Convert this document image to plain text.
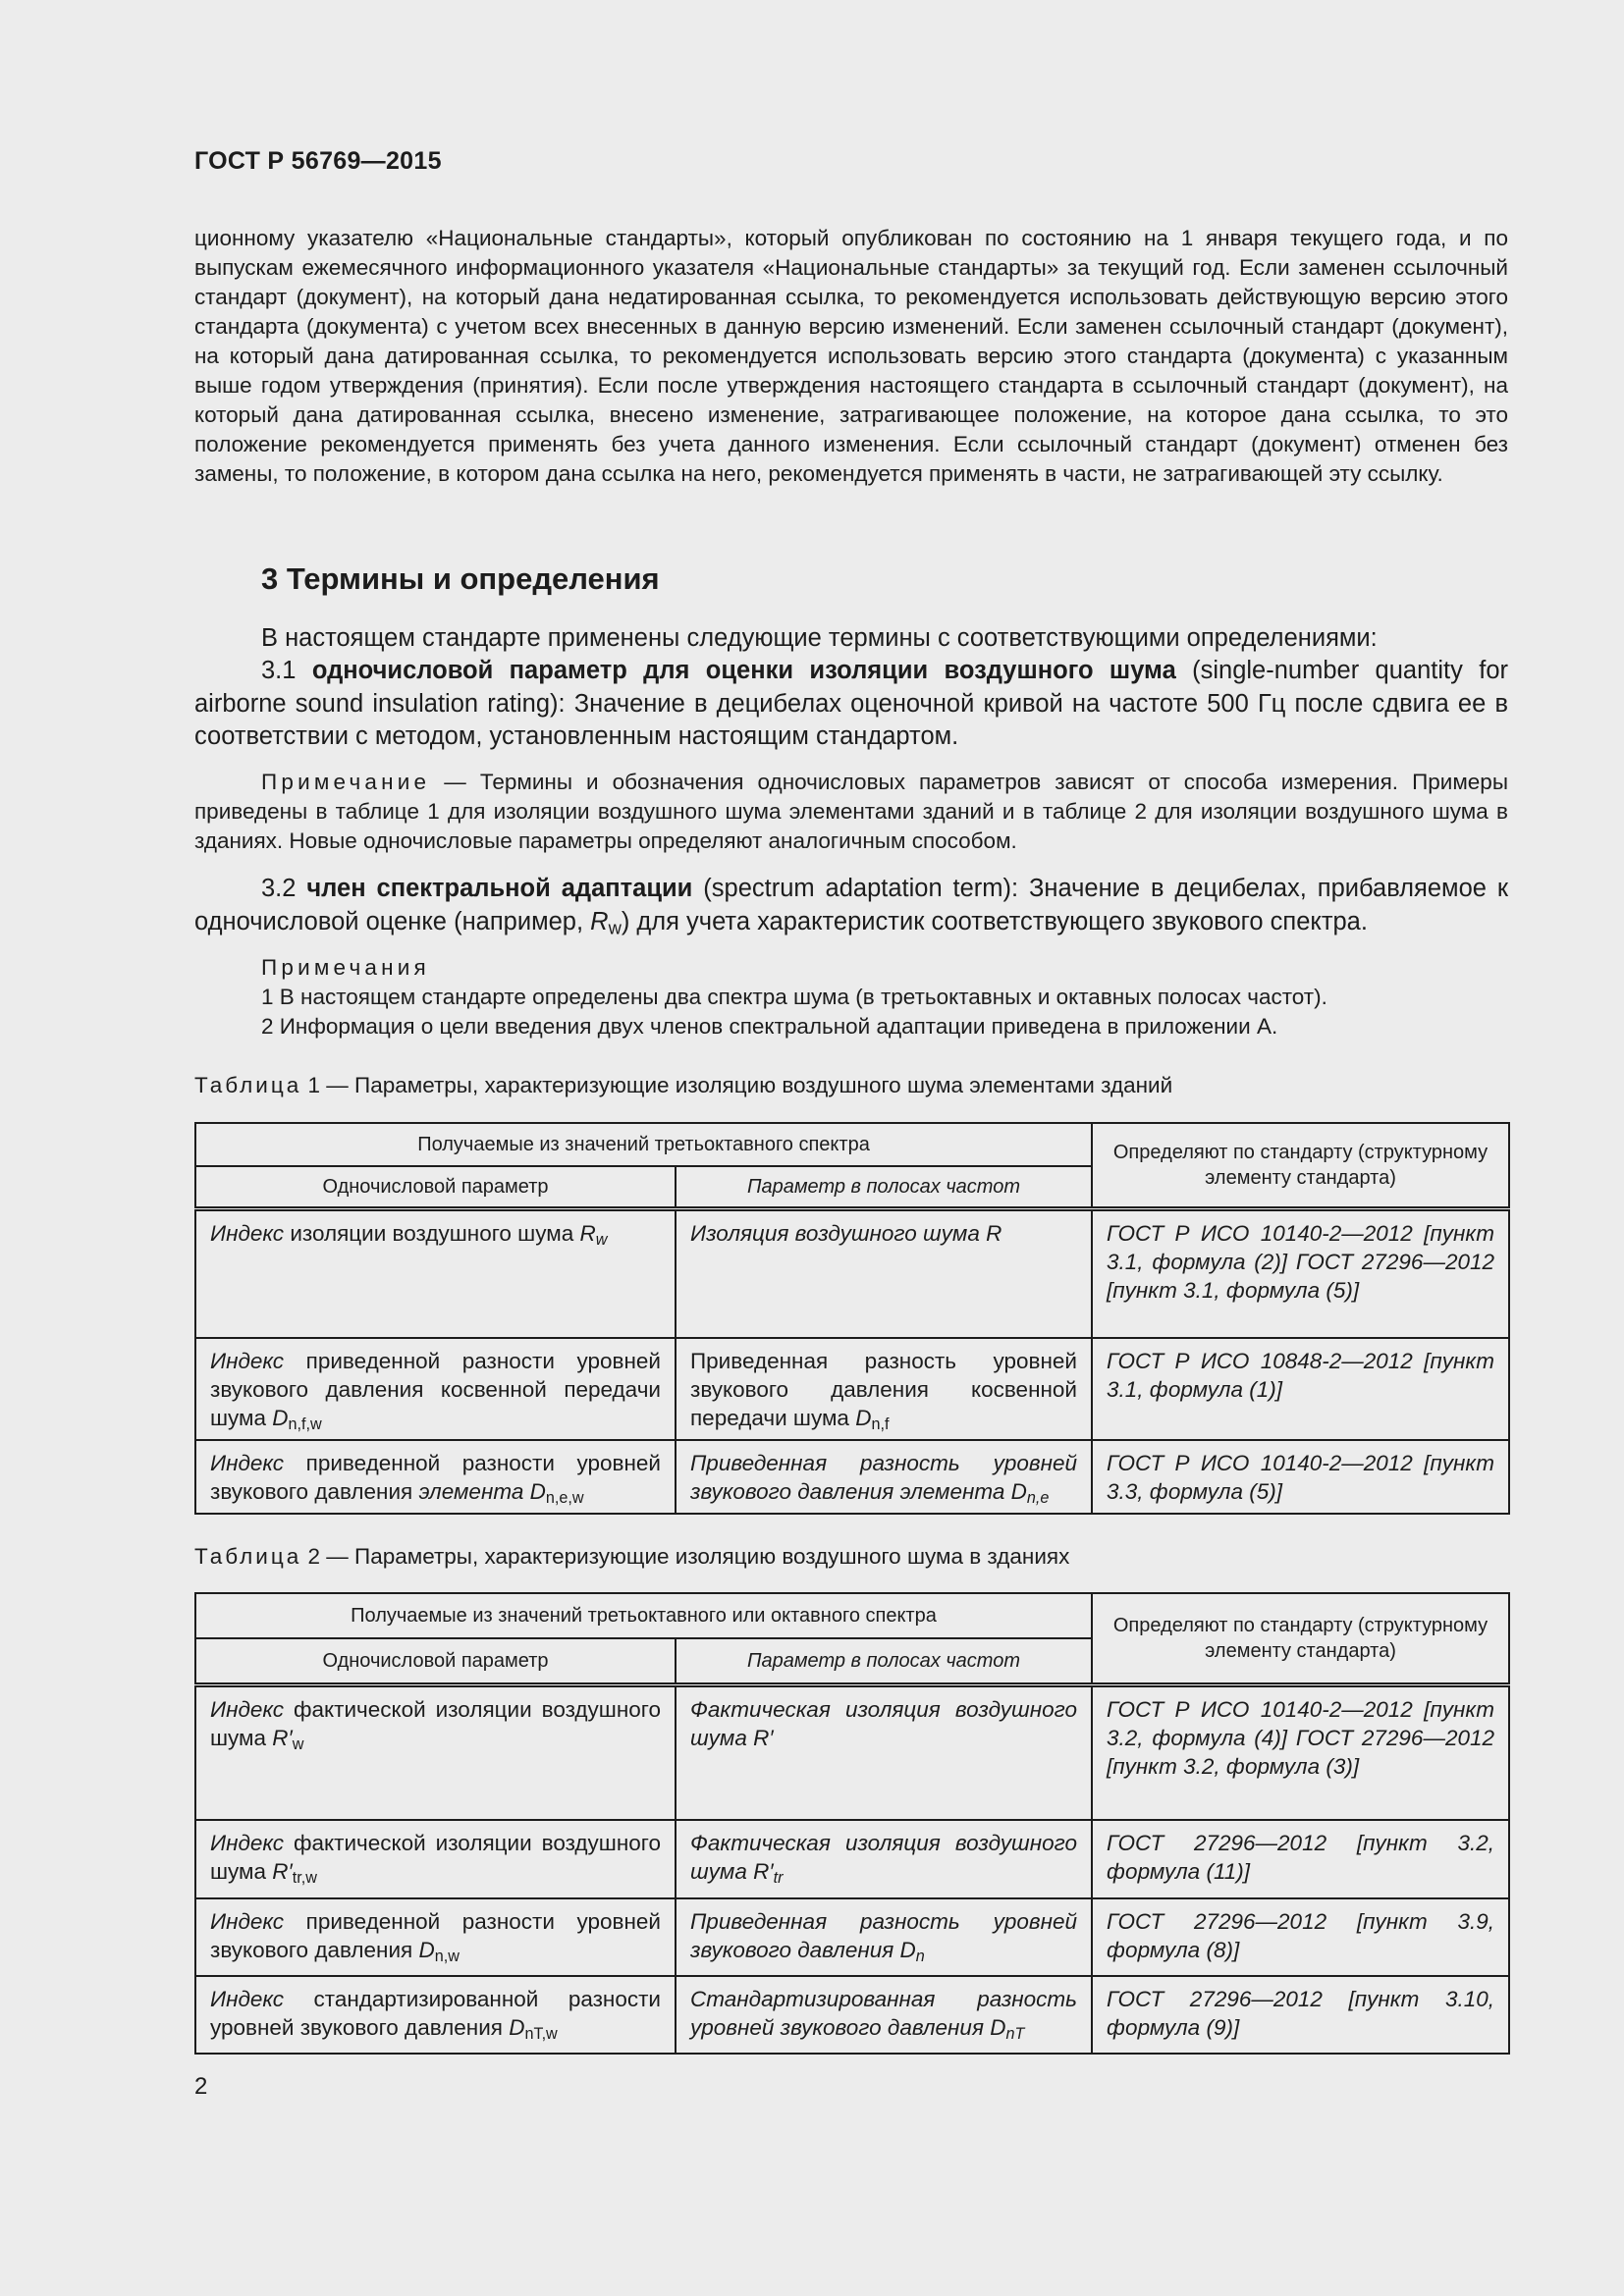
ГОСТ Р 56769—2015

ционному указателю «Национальные стандарты», который опубликован по состоянию на 1 января текущего года, и по выпускам ежемесячного информационного указателя «Национальные стандарты» за текущий год. Если заменен ссылочный стандарт (документ), на который дана недатированная ссылка, то рекомендуется использовать действующую версию этого стандарта (документа) с учетом всех внесенных в данную версию изменений. Если заменен ссылочный стандарт (документ), на который дана датированная ссылка, то рекомендуется использовать версию этого стандарта (документа) с указанным выше годом утверждения (принятия). Если после утверждения настоящего стандарта в ссылочный стандарт (документ), на который дана датированная ссылка, внесено изменение, затрагивающее положение, на которое дана ссылка, то это положение рекомендуется применять без учета данного изменения. Если ссылочный стандарт (документ) отменен без замены, то положение, в котором дана ссылка на него, рекомендуется применять в части, не затрагивающей эту ссылку.

3 Термины и определения

В настоящем стандарте применены следующие термины с соответствующими определениями:

3.1 одночисловой параметр для оценки изоляции воздушного шума (single-number quantity for airborne sound insulation rating): Значение в децибелах оценочной кривой на частоте 500 Гц после сдвига ее в соответствии с методом, установленным настоящим стандартом.

Примечание — Термины и обозначения одночисловых параметров зависят от способа измерения. Примеры приведены в таблице 1 для изоляции воздушного шума элементами зданий и в таблице 2 для изоляции воздушного шума в зданиях. Новые одночисловые параметры определяют аналогичным способом.

3.2 член спектральной адаптации (spectrum adaptation term): Значение в децибелах, прибавляемое к одночисловой оценке (например, $R_w$) для учета характеристик соответствующего звукового спектра.

Примечания
1 В настоящем стандарте определены два спектра шума (в третьоктавных и октавных полосах частот).
2 Информация о цели введения двух членов спектральной адаптации приведена в приложении А.
Таблица 1 — Параметры, характеризующие изоляцию воздушного шума элементами зданий
Получаемые из значений третьоктавного спектра		Определяют по стандарту (структурному элементу стандарта)
Одночисловой параметр	Параметр в полосах частот	
Индекс изоляции воздушного шума $R_w$	Изоляция воздушного шума R	ГОСТ Р ИСО 10140-2—2012 [пункт 3.1, формула (2)] ГОСТ 27296—2012 [пункт 3.1, формула (5)]
Индекс приведенной разности уровней звукового давления косвенной передачи шума $D_{n,f,w}$	Приведенная разность уровней звукового давления косвенной передачи шума $D_{n,f}$	ГОСТ Р ИСО 10848-2—2012 [пункт 3.1, формула (1)]
Индекс приведенной разности уровней звукового давления элемента $D_{n,e,w}$	Приведенная разность уровней звукового давления элемента $D_{n,e}$	ГОСТ Р ИСО 10140-2—2012 [пункт 3.3, формула (5)]
Таблица 2 — Параметры, характеризующие изоляцию воздушного шума в зданиях
Получаемые из значений третьоктавного или октавного спектра		Определяют по стандарту (структурному элементу стандарта)
Одночисловой параметр	Параметр в полосах частот	
Индекс фактической изоляции воздушного шума $R'_w$	Фактическая изоляция воздушного шума R′	ГОСТ Р ИСО 10140-2—2012 [пункт 3.2, формула (4)] ГОСТ 27296—2012 [пункт 3.2, формула (3)]
Индекс фактической изоляции воздушного шума $R'_{tr,w}$	Фактическая изоляция воздушного шума $R'_{tr}$	ГОСТ 27296—2012 [пункт 3.2, формула (11)]
Индекс приведенной разности уровней звукового давления $D_{n,w}$	Приведенная разность уровней звукового давления $D_n$	ГОСТ 27296—2012 [пункт 3.9, формула (8)]
Индекс стандартизированной разности уровней звукового давления $D_{nT,w}$	Стандартизированная разность уровней звукового давления $D_{nT}$	ГОСТ 27296—2012 [пункт 3.10, формула (9)]
2
